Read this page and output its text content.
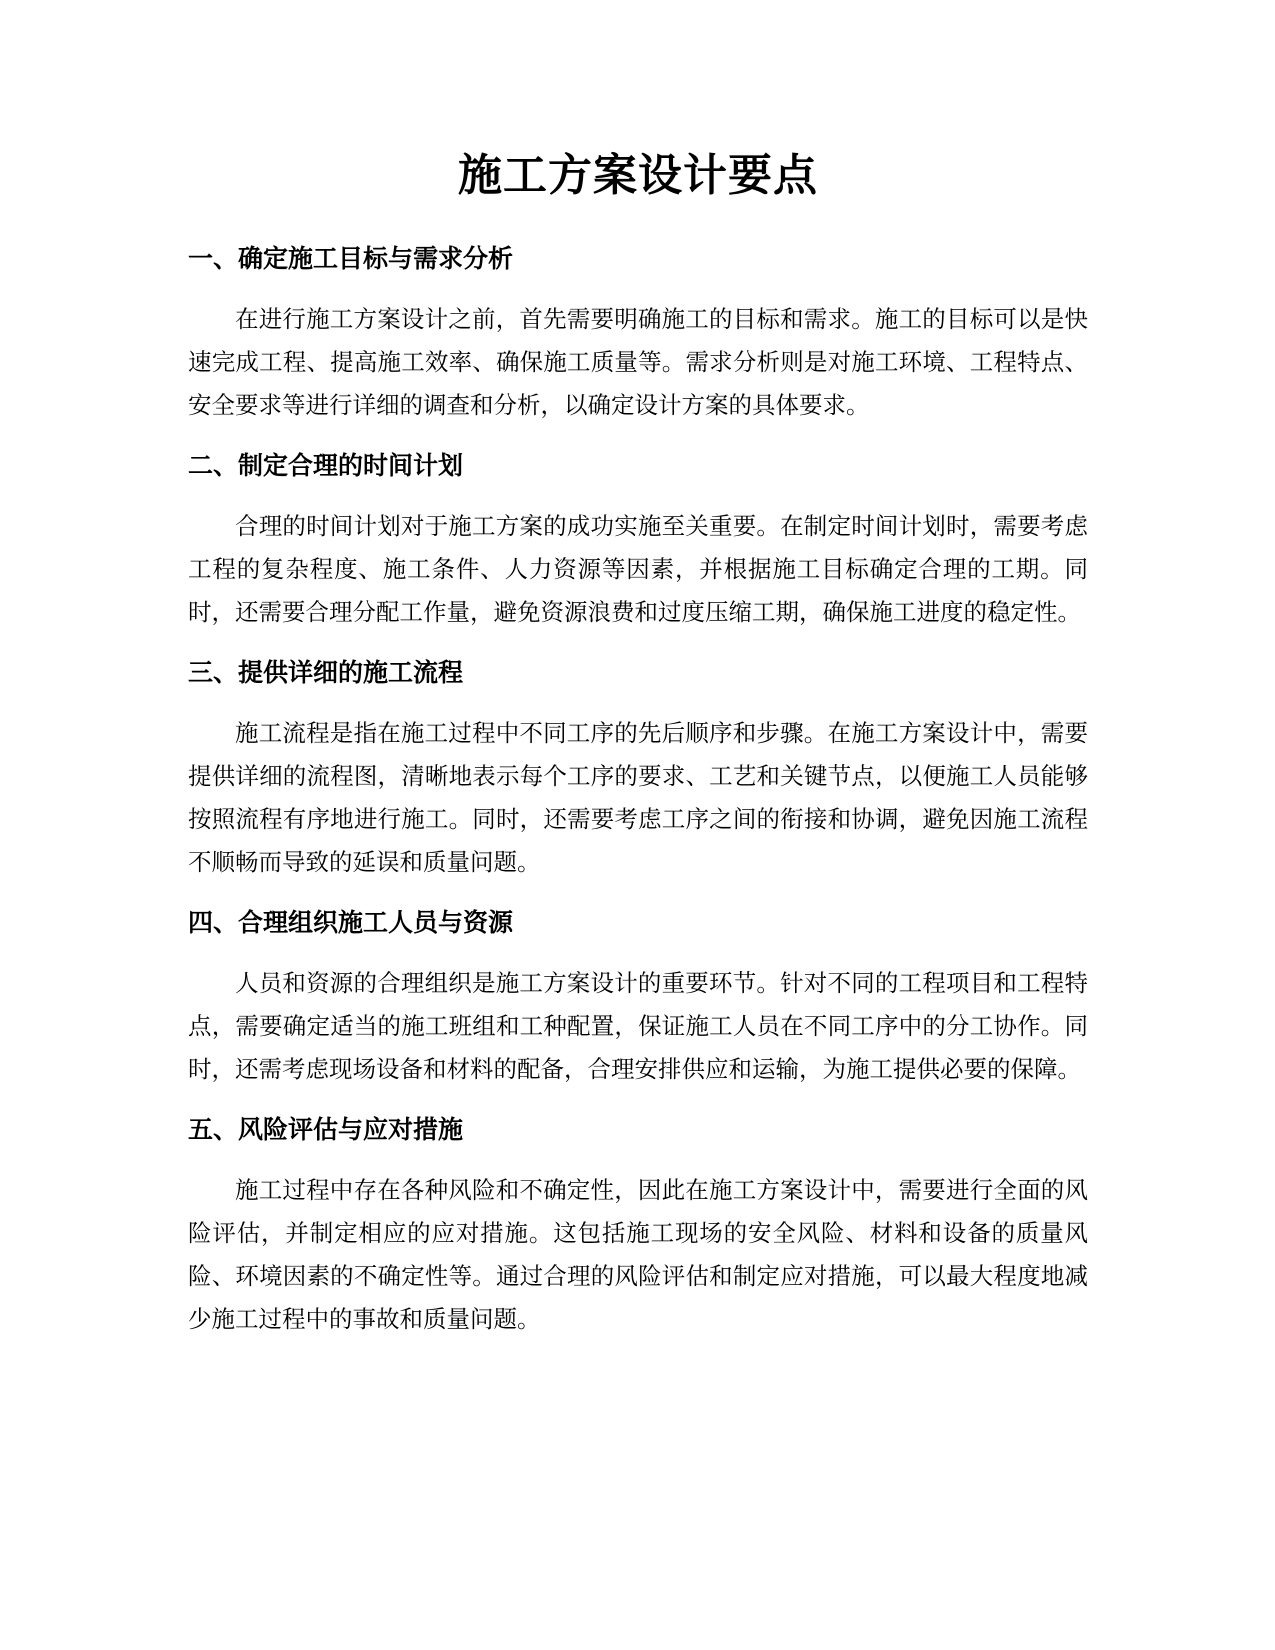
施工方案设计要点
一、确定施工目标与需求分析

在进行施工方案设计之前，首先需要明确施工的目标和需求。施工的目标可以是快速完成工程、提高施工效率、确保施工质量等。需求分析则是对施工环境、工程特点、安全要求等进行详细的调查和分析，以确定设计方案的具体要求。

二、制定合理的时间计划

合理的时间计划对于施工方案的成功实施至关重要。在制定时间计划时，需要考虑工程的复杂程度、施工条件、人力资源等因素，并根据施工目标确定合理的工期。同时，还需要合理分配工作量，避免资源浪费和过度压缩工期，确保施工进度的稳定性。

三、提供详细的施工流程

施工流程是指在施工过程中不同工序的先后顺序和步骤。在施工方案设计中，需要提供详细的流程图，清晰地表示每个工序的要求、工艺和关键节点，以便施工人员能够按照流程有序地进行施工。同时，还需要考虑工序之间的衔接和协调，避免因施工流程不顺畅而导致的延误和质量问题。

四、合理组织施工人员与资源

人员和资源的合理组织是施工方案设计的重要环节。针对不同的工程项目和工程特点，需要确定适当的施工班组和工种配置，保证施工人员在不同工序中的分工协作。同时，还需考虑现场设备和材料的配备，合理安排供应和运输，为施工提供必要的保障。

五、风险评估与应对措施

施工过程中存在各种风险和不确定性，因此在施工方案设计中，需要进行全面的风险评估，并制定相应的应对措施。这包括施工现场的安全风险、材料和设备的质量风险、环境因素的不确定性等。通过合理的风险评估和制定应对措施，可以最大程度地减少施工过程中的事故和质量问题。
